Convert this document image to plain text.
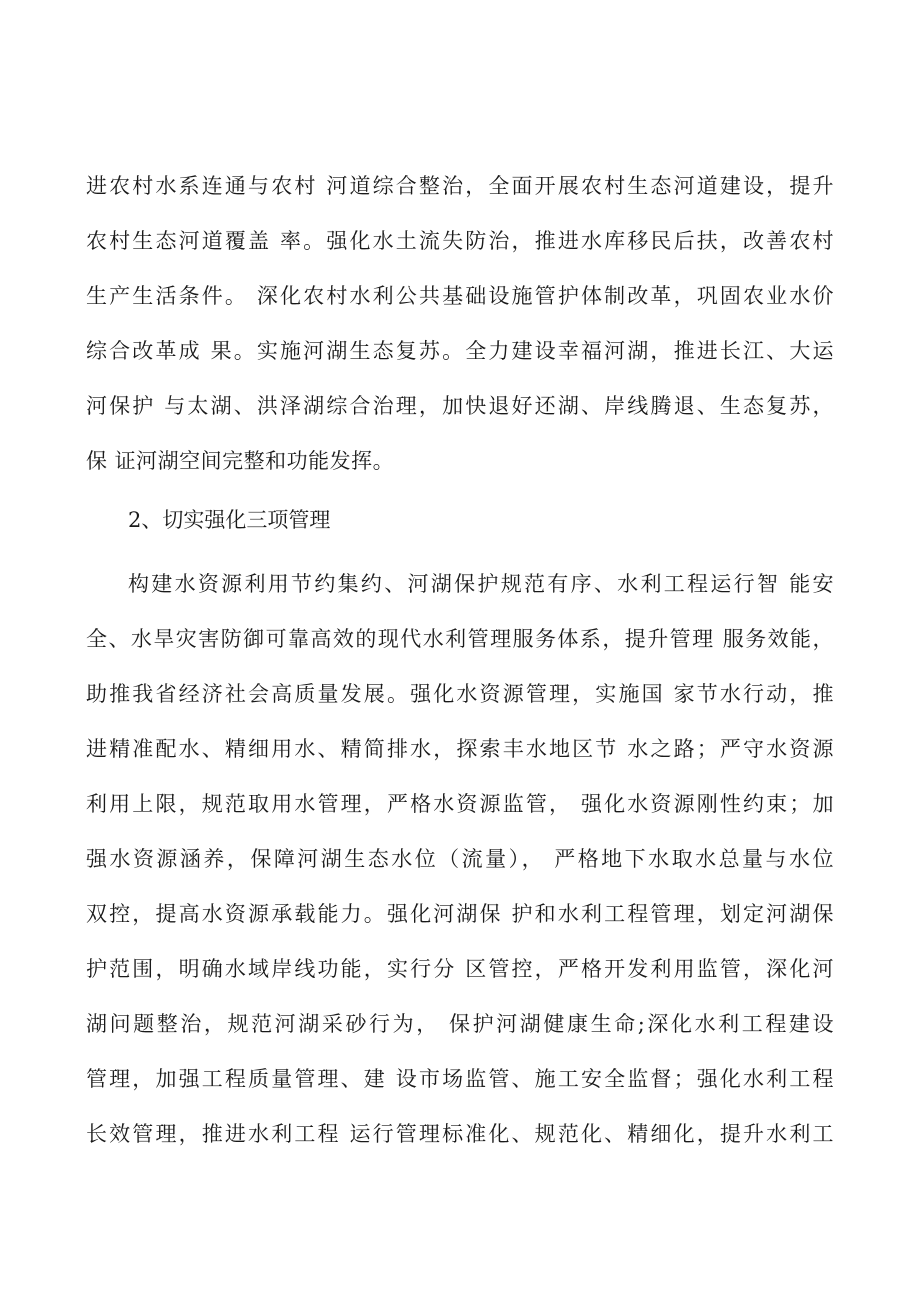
进农村水系连通与农村 河道综合整治，全面开展农村生态河道建设，提升

农村生态河道覆盖 率。强化水土流失防治，推进水库移民后扶，改善农村

生产生活条件。 深化农村水利公共基础设施管护体制改革，巩固农业水价

综合改革成 果。实施河湖生态复苏。全力建设幸福河湖，推进长江、大运

河保护 与太湖、洪泽湖综合治理，加快退好还湖、岸线腾退、生态复苏，

保 证河湖空间完整和功能发挥。

2、切实强化三项管理

构建水资源利用节约集约、河湖保护规范有序、水利工程运行智 能安

全、水旱灾害防御可靠高效的现代水利管理服务体系，提升管理 服务效能，

助推我省经济社会高质量发展。强化水资源管理，实施国 家节水行动，推

进精准配水、精细用水、精简排水，探索丰水地区节 水之路；严守水资源

利用上限，规范取用水管理，严格水资源监管， 强化水资源刚性约束；加

强水资源涵养，保障河湖生态水位（流量）， 严格地下水取水总量与水位

双控，提高水资源承载能力。强化河湖保 护和水利工程管理，划定河湖保

护范围，明确水域岸线功能，实行分 区管控，严格开发利用监管，深化河

湖问题整治，规范河湖采砂行为， 保护河湖健康生命;深化水利工程建设

管理，加强工程质量管理、建 设市场监管、施工安全监督；强化水利工程

长效管理，推进水利工程 运行管理标准化、规范化、精细化，提升水利工
